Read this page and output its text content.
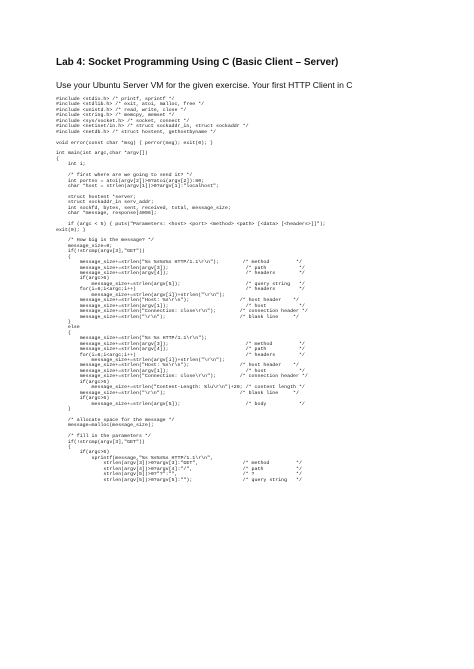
Lab 4: Socket Programming Using C (Basic Client – Server)
Use your Ubuntu Server VM for the given exercise. Your first HTTP Client in C
#include <stdio.h> /* printf, sprintf */
#include <stdlib.h> /* exit, atoi, malloc, free */
#include <unistd.h> /* read, write, close */
#include <string.h> /* memcpy, memset */
#include <sys/socket.h> /* socket, connect */
#include <netinet/in.h> /* struct sockaddr_in, struct sockaddr */
#include <netdb.h> /* struct hostent, gethostbyname */
void error(const char *msg) { perror(msg); exit(0); }
int main(int argc,char *argv[])
{
int i;
/* first where are we going to send it? */
int portno = atoi(argv[2])>0?atoi(argv[2]):80;
char *host = strlen(argv[1])>0?argv[1]:"localhost";
struct hostent *server;
struct sockaddr_in serv_addr;
int sockfd, bytes, sent, received, total, message_size;
char *message, response[4096];
if (argc < 5) { puts("Parameters: <host> <port> <method> <path> [<data> [<headers>]]");
exit(0); }
/* How big is the message? */
message_size=0;
if(!strcmp(argv[3],"GET"))
{
message_size+=strlen("%s %s%s%s HTTP/1.1\r\n");        /* method         */
message_size+=strlen(argv[3]);                          /* path           */
message_size+=strlen(argv[4]);                          /* headers        */
if(argc>5)
message_size+=strlen(argv[5]);                      /* query string   */
for(i=6;i<argc;i++)                                     /* headers        */
message_size+=strlen(argv[i])+strlen("\r\n");
message_size+=strlen("Host: %s\r\n");                 /* host header    */
message_size+=strlen(argv[1]);                          /* host           */
message_size+=strlen("Connection: close\r\n");        /* connection header */
message_size+=strlen("\r\n");                         /* blank line     */
}
else
{
message_size+=strlen("%s %s HTTP/1.1\r\n");
message_size+=strlen(argv[3]);                          /* method         */
message_size+=strlen(argv[4]);                          /* path           */
for(i=6;i<argc;i++)                                     /* headers        */
message_size+=strlen(argv[i])+strlen("\r\n");
message_size+=strlen("Host: %s\r\n");                 /* host header    */
message_size+=strlen(argv[1]);                          /* host           */
message_size+=strlen("Connection: close\r\n");        /* connection header */
if(argc>5)
message_size+=strlen("Content-Length: %lu\r\n")+20; /* content length */
message_size+=strlen("\r\n");                         /* blank line     */
if(argc>5)
message_size+=strlen(argv[5]);                      /* body           */
}
/* allocate space for the message */
message=malloc(message_size);
/* fill in the parameters */
if(!strcmp(argv[3],"GET"))
{
if(argc>5)
sprintf(message,"%s %s%s%s HTTP/1.1\r\n",
strlen(argv[3])>0?argv[3]:"GET",               /* method         */
strlen(argv[4])>0?argv[4]:"/",                 /* path           */
strlen(argv[5])>0?"?":"",                      /* ?              */
strlen(argv[5])>0?argv[5]:"");                 /* query string   */
